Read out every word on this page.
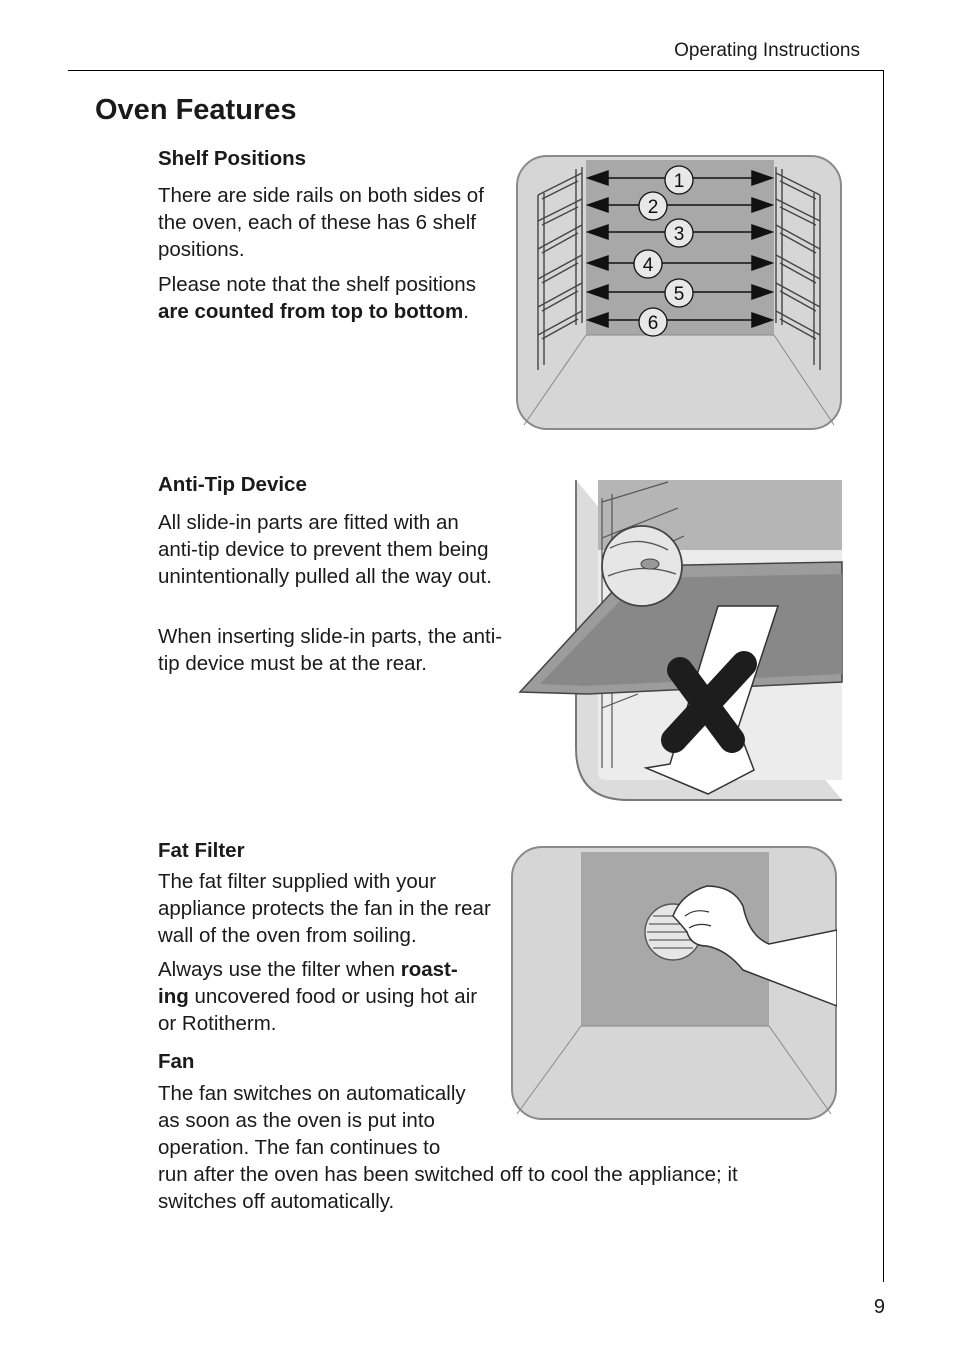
Operating Instructions
Oven Features
Shelf Positions

There are side rails on both sides of the oven, each of these has 6 shelf positions.

Please note that the shelf positions are counted from top to bottom.

1
2
3
4
5
6
Anti-Tip Device

All slide-in parts are fitted with an anti-tip device to prevent them being unintentionally pulled all the way out.

When inserting slide-in parts, the anti-tip device must be at the rear.

Fat Filter

The fat filter supplied with your appliance protects the fan in the rear wall of the oven from soiling.

Always use the filter when roast-
ing uncovered food or using hot air or Rotitherm.

Fan

The fan switches on automatically
as soon as the oven is put into
operation. The fan continues to
run after the oven has been switched off to cool the appliance; it
switches off automatically.

9
